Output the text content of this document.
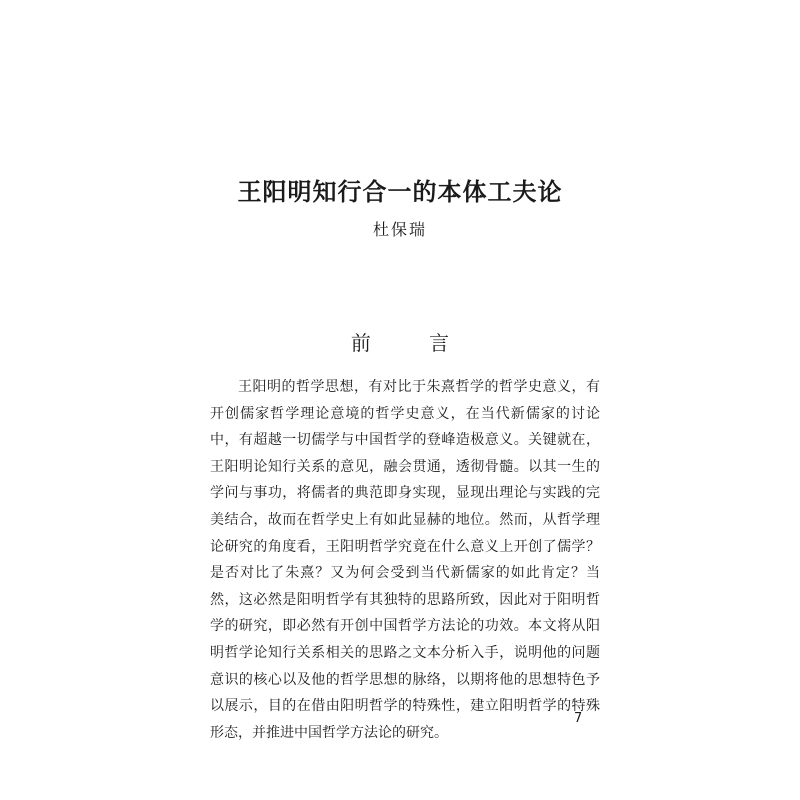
王阳明知行合一的本体工夫论
杜保瑞
前 言

王阳明的哲学思想，有对比于朱熹哲学的哲学史意义，有开创儒家哲学理论意境的哲学史意义，在当代新儒家的讨论中，有超越一切儒学与中国哲学的登峰造极意义。关键就在，王阳明论知行关系的意见，融会贯通，透彻骨髓。以其一生的学问与事功，将儒者的典范即身实现，显现出理论与实践的完美结合，故而在哲学史上有如此显赫的地位。然而，从哲学理论研究的角度看，王阳明哲学究竟在什么意义上开创了儒学？是否对比了朱熹？又为何会受到当代新儒家的如此肯定？当然，这必然是阳明哲学有其独特的思路所致，因此对于阳明哲学的研究，即必然有开创中国哲学方法论的功效。本文将从阳明哲学论知行关系相关的思路之文本分析入手，说明他的问题意识的核心以及他的哲学思想的脉络，以期将他的思想特色予以展示，目的在借由阳明哲学的特殊性，建立阳明哲学的特殊形态，并推进中国哲学方法论的研究。

7
